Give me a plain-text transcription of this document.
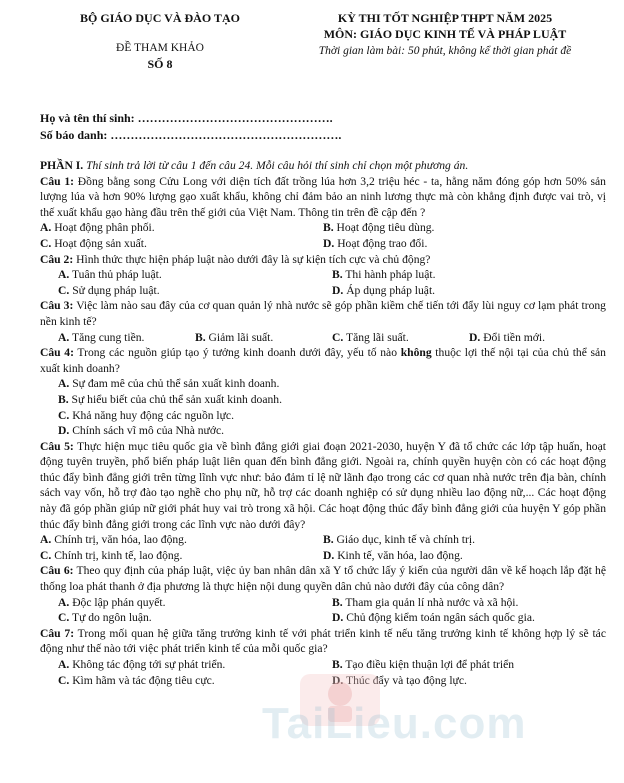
BỘ GIÁO DỤC VÀ ĐÀO TẠO
ĐỀ THAM KHẢO
SỐ 8
KỲ THI TỐT NGHIỆP THPT NĂM 2025
MÔN: GIÁO DỤC KINH TẾ VÀ PHÁP LUẬT
Thời gian làm bài: 50 phút, không kể thời gian phát đề
Họ và tên thí sinh: ………………………………………….
Số báo danh: ………………………………………………….

PHẦN I. Thí sinh trả lời từ câu 1 đến câu 24. Mỗi câu hỏi thí sinh chỉ chọn một phương án.

Câu 1: Đồng bằng song Cửu Long với diện tích đất trồng lúa hơn 3,2 triệu héc - ta, hằng năm đóng góp hơn 50% sản lượng lúa và hơn 90% lượng gạo xuất khẩu, không chỉ đảm bảo an ninh lương thực mà còn khẳng định được vai trò, vị thế xuất khẩu gạo hàng đầu trên thế giới của Việt Nam. Thông tin trên đề cập đến ?

A. Hoạt động phân phối.	B. Hoạt động tiêu dùng.
C. Hoạt động sản xuất.	D. Hoạt động trao đổi.

Câu 2: Hình thức thực hiện pháp luật nào dưới đây là sự kiện tích cực và chủ động?

A. Tuân thủ pháp luật.	B. Thi hành pháp luật.
C. Sử dụng pháp luật.	D. Áp dụng pháp luật.

Câu 3: Việc làm nào sau đây của cơ quan quản lý nhà nước sẽ góp phần kiềm chế tiến tới đẩy lùi nguy cơ lạm phát trong nền kinh tế?

A. Tăng cung tiền.	B. Giảm lãi suất.	C. Tăng lãi suất.	D. Đổi tiền mới.

Câu 4: Trong các nguồn giúp tạo ý tưởng kinh doanh dưới đây, yếu tố nào không thuộc lợi thế nội tại của chủ thể sản xuất kinh doanh?

A. Sự đam mê của chủ thể sản xuất kinh doanh.
B. Sự hiểu biết của chủ thể sản xuất kinh doanh.
C. Khả năng huy động các nguồn lực.
D. Chính sách vĩ mô của Nhà nước.

Câu 5: Thực hiện mục tiêu quốc gia về bình đẳng giới giai đoạn 2021-2030, huyện Y đã tổ chức các lớp tập huấn, hoạt động tuyên truyền, phổ biến pháp luật liên quan đến bình đẳng giới. Ngoài ra, chính quyền huyện còn có các hoạt động thúc đẩy bình đẳng giới trên từng lĩnh vực như: bảo đảm tỉ lệ nữ lãnh đạo trong các cơ quan nhà nước trên địa bàn, chính sách vay vốn, hỗ trợ đào tạo nghề cho phụ nữ, hỗ trợ các doanh nghiệp có sử dụng nhiều lao động nữ,... Các hoạt động này đã góp phần giúp nữ giới phát huy vai trò trong xã hội. Các hoạt động thúc đẩy bình đẳng giới của huyện Y góp phần thúc đẩy bình đẳng giới trong các lĩnh vực nào dưới đây?

A. Chính trị, văn hóa, lao động.	B. Giáo dục, kinh tế và chính trị.
C. Chính trị, kinh tế, lao động.	D. Kinh tế, văn hóa, lao động.

Câu 6: Theo quy định của pháp luật, việc ủy ban nhân dân xã Y tổ chức lấy ý kiến của người dân về kế hoạch lắp đặt hệ thống loa phát thanh ở địa phương là thực hiện nội dung quyền dân chủ nào dưới đây của công dân?

A. Độc lập phán quyết.	B. Tham gia quản lí nhà nước và xã hội.
C. Tự do ngôn luận.	D. Chủ động kiểm toán ngân sách quốc gia.

Câu 7: Trong mối quan hệ giữa tăng trưởng kinh tế với phát triển kinh tế nếu tăng trưởng kinh tế không hợp lý sẽ tác động như thế nào tới việc phát triển kinh tế của mỗi quốc gia?

A. Không tác động tới sự phát triển.	B. Tạo điều kiện thuận lợi để phát triển
C. Kìm hãm và tác động tiêu cực.	D. Thúc đẩy và tạo động lực.
TaiLieu.com
